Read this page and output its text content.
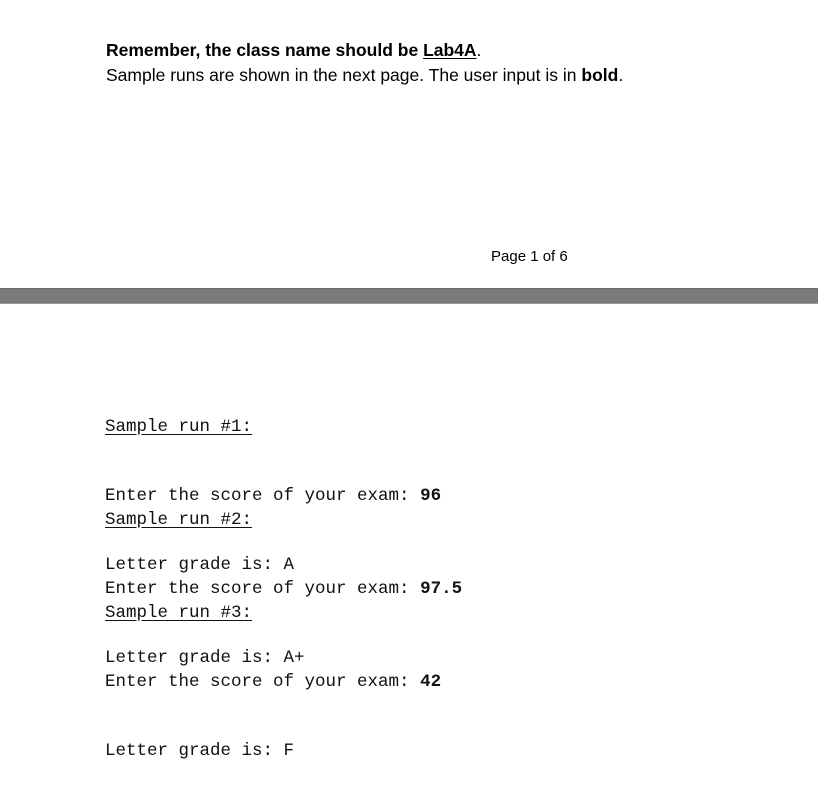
Remember, the class name should be Lab4A.
Sample runs are shown in the next page. The user input is in bold.
Page 1 of 6

Sample run #1:

Enter the score of your exam: 96

Letter grade is: A

Sample run #2:

Enter the score of your exam: 97.5

Letter grade is: A+

Sample run #3:

Enter the score of your exam: 42

Letter grade is: F
